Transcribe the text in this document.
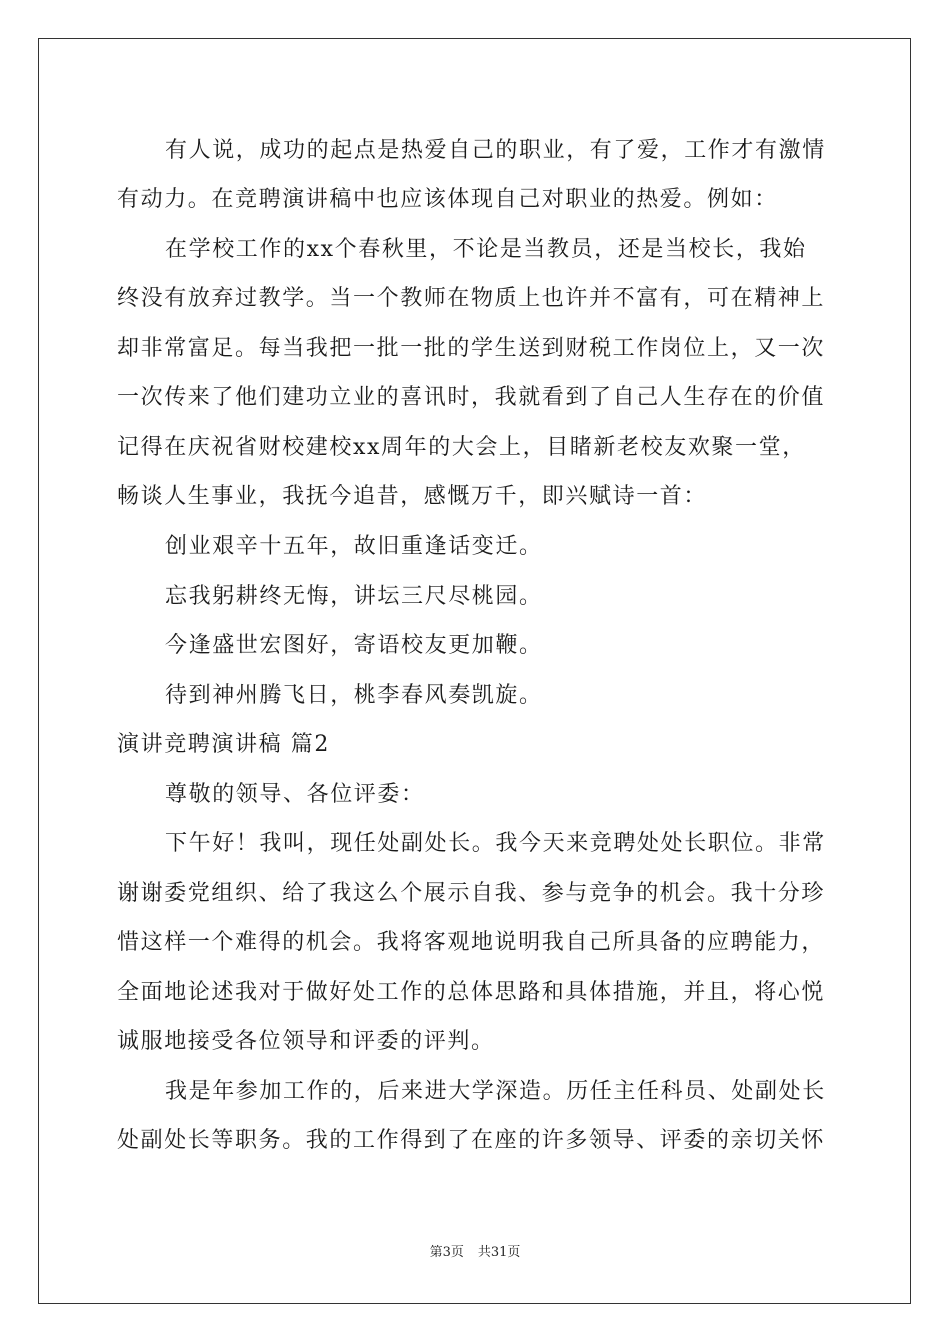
有人说，成功的起点是热爱自己的职业，有了爱，工作才有激情
有动力。在竞聘演讲稿中也应该体现自己对职业的热爱。例如：
在学校工作的xx个春秋里，不论是当教员，还是当校长，我始
终没有放弃过教学。当一个教师在物质上也许并不富有，可在精神上
却非常富足。每当我把一批一批的学生送到财税工作岗位上，又一次
一次传来了他们建功立业的喜讯时，我就看到了自己人生存在的价值
记得在庆祝省财校建校xx周年的大会上，目睹新老校友欢聚一堂，
畅谈人生事业，我抚今追昔，感慨万千，即兴赋诗一首：
创业艰辛十五年，故旧重逢话变迁。
忘我躬耕终无悔，讲坛三尺尽桃园。
今逢盛世宏图好，寄语校友更加鞭。
待到神州腾飞日，桃李春风奏凯旋。
演讲竞聘演讲稿 篇2
尊敬的领导、各位评委：
下午好！我叫，现任处副处长。我今天来竞聘处处长职位。非常
谢谢委党组织、给了我这么个展示自我、参与竞争的机会。我十分珍
惜这样一个难得的机会。我将客观地说明我自己所具备的应聘能力，
全面地论述我对于做好处工作的总体思路和具体措施，并且，将心悦
诚服地接受各位领导和评委的评判。
我是年参加工作的，后来进大学深造。历任主任科员、处副处长
处副处长等职务。我的工作得到了在座的许多领导、评委的亲切关怀
第3页 共31页
